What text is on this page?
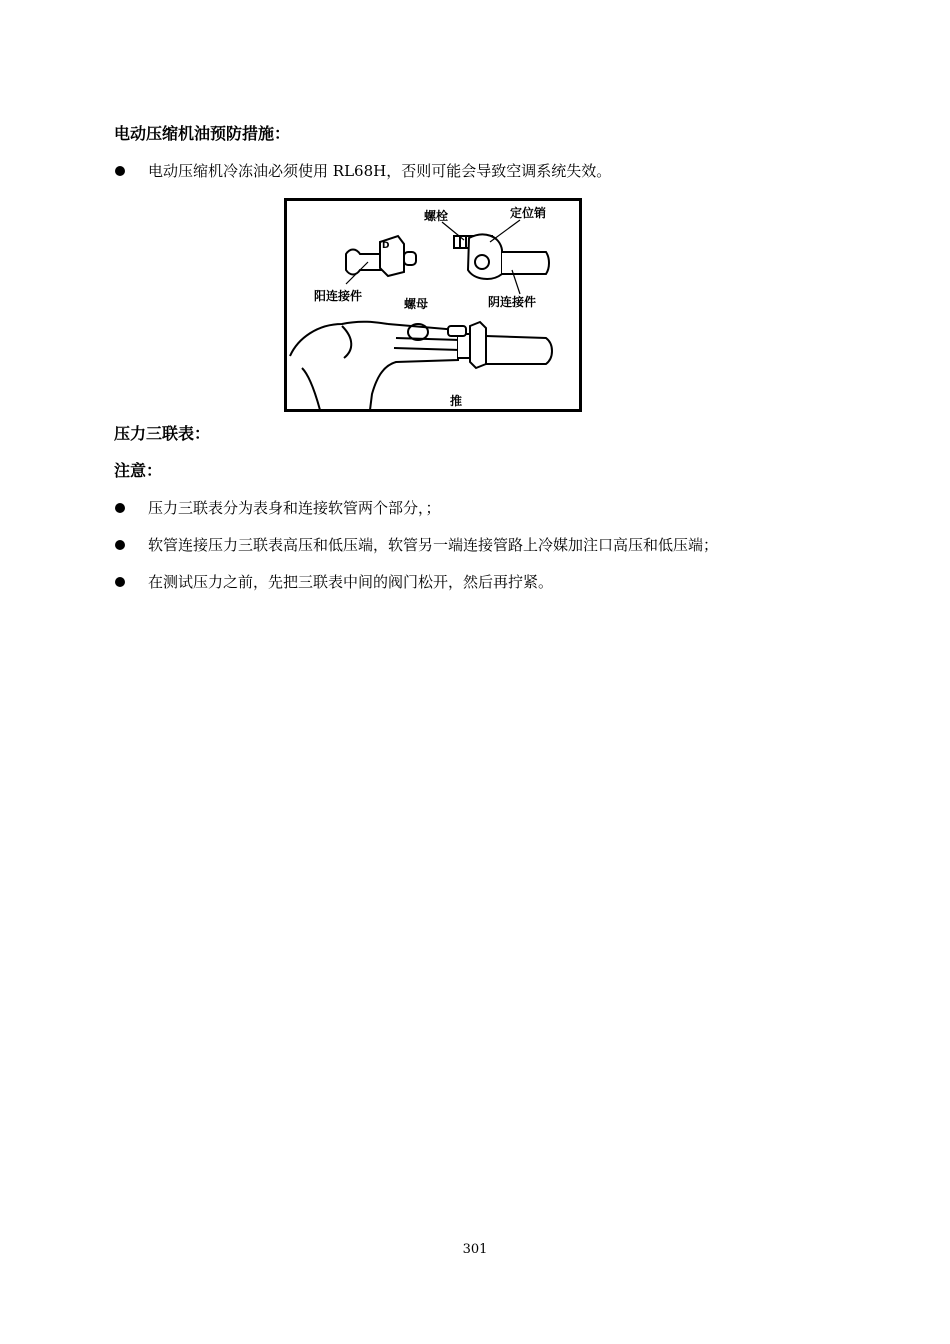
电动压缩机油预防措施：
电动压缩机冷冻油必须使用 RL68H，否则可能会导致空调系统失效。
D
螺栓	定位销
阳连接件
螺母	阴连接件
推
压力三联表：
注意：
压力三联表分为表身和连接软管两个部分，；
软管连接压力三联表高压和低压端，软管另一端连接管路上冷媒加注口高压和低压端；
在测试压力之前，先把三联表中间的阀门松开，然后再拧紧。
301
